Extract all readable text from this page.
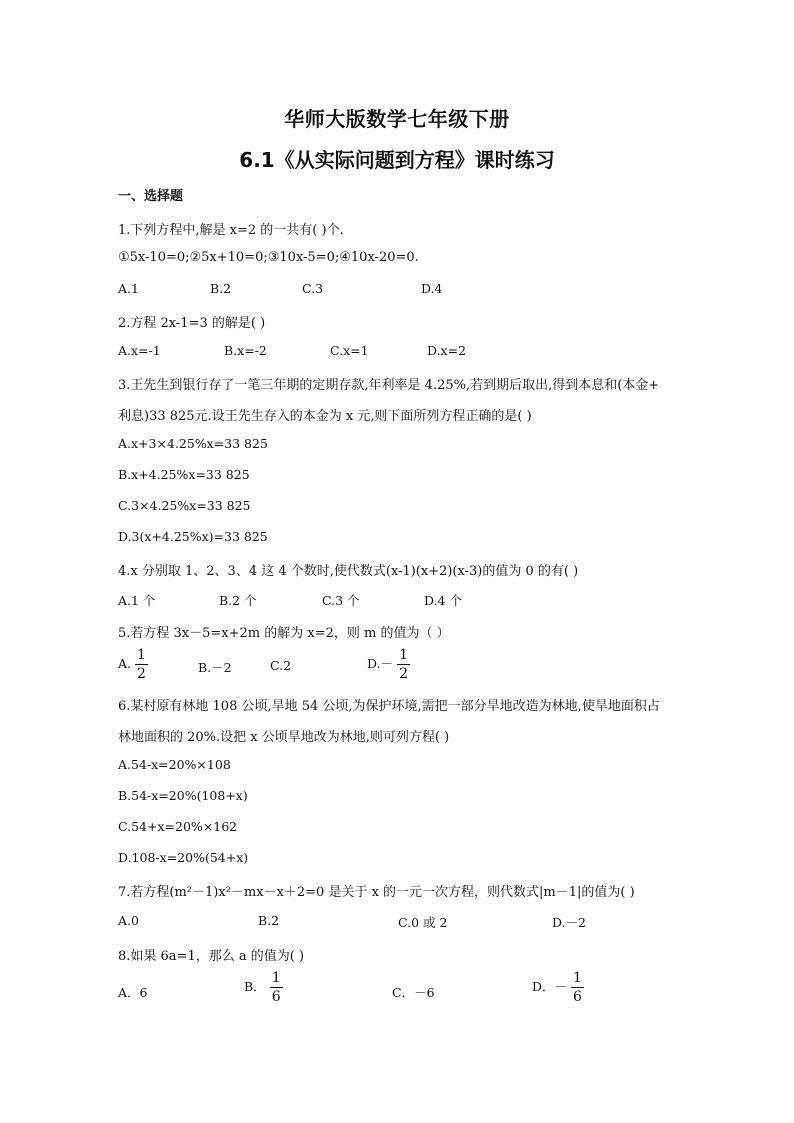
华师大版数学七年级下册
6.1《从实际问题到方程》课时练习
一、选择题
1.下列方程中,解是 x=2 的一共有( )个.
①5x-10=0;②5x+10=0;③10x-5=0;④10x-20=0.
A.1	B.2	C.3	D.4
2.方程 2x-1=3 的解是( )
A.x=-1	B.x=-2	C.x=1	D.x=2
3.王先生到银行存了一笔三年期的定期存款,年利率是 4.25%,若到期后取出,得到本息和(本金+
利息)33 825元.设王先生存入的本金为 x 元,则下面所列方程正确的是( )
A.x+3×4.25%x=33 825
B.x+4.25%x=33 825
C.3×4.25%x=33 825
D.3(x+4.25%x)=33 825
4.x 分别取 1、2、3、4 这 4 个数时,使代数式(x-1)(x+2)(x-3)的值为 0 的有( )
A.1 个	B.2 个	C.3 个	D.4 个
5.若方程 3x－5=x+2m 的解为 x=2，则 m 的值为（ ）
A. $\frac{1}{2}$	B.－2	C.2	$D.- \frac{1}{2}$
6.某村原有林地 108 公顷,旱地 54 公顷,为保护环境,需把一部分旱地改造为林地,使旱地面积占
林地面积的 20%.设把 x 公顷旱地改为林地,则可列方程( )
A.54-x=20%×108
B.54-x=20%(108+x)
C.54+x=20%×162
D.108-x=20%(54+x)
7.若方程(m²－1)x²－mx－x＋2=0 是关于 x 的一元一次方程，则代数式|m－1|的值为( )
A.0	B.2	C.0 或 2	D.－2
8.如果 6a=1，那么 a 的值为( )
A．6	B． $\frac{1}{6}$	C．－6	D．－ $\frac{1}{6}$
